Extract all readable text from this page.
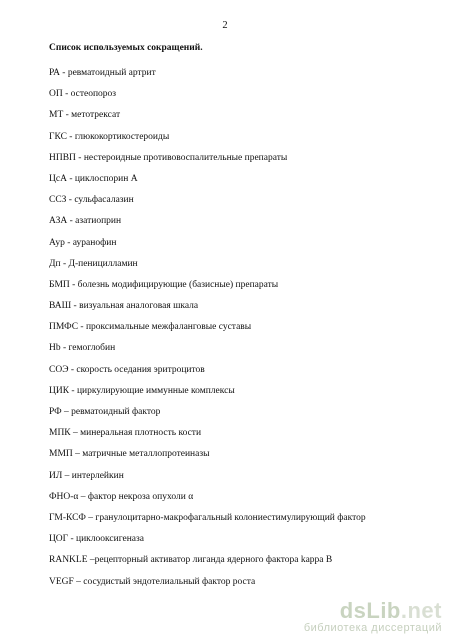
2
Список используемых сокращений.
РА - ревматоидный артрит
ОП - остеопороз
МТ - метотрексат
ГКС - глюкокортикостероиды
НПВП - нестероидные противовоспалительные препараты
ЦсА - циклоспорин А
ССЗ - сульфасалазин
АЗА - азатиоприн
Аур - ауранофин
Дп - Д-пеницилламин
БМП - болезнь модифицирующие (базисные) препараты
ВАШ - визуальная аналоговая шкала
ПМФС - проксимальные межфаланговые суставы
Hb - гемоглобин
СОЭ - скорость оседания эритроцитов
ЦИК - циркулирующие иммунные комплексы
РФ – ревматоидный фактор
МПК – минеральная плотность кости
ММП – матричные металлопротеиназы
ИЛ – интерлейкин
ФНО-α – фактор некроза опухоли α
ГМ-КСФ – гранулоцитарно-макрофагальный колониестимулирующий фактор
ЦОГ - циклооксигеназа
RANKLE –рецепторный активатор лиганда ядерного фактора kappa B
VEGF – сосудистый эндотелиальный фактор роста
dsLib.net
библиотека диссертаций
